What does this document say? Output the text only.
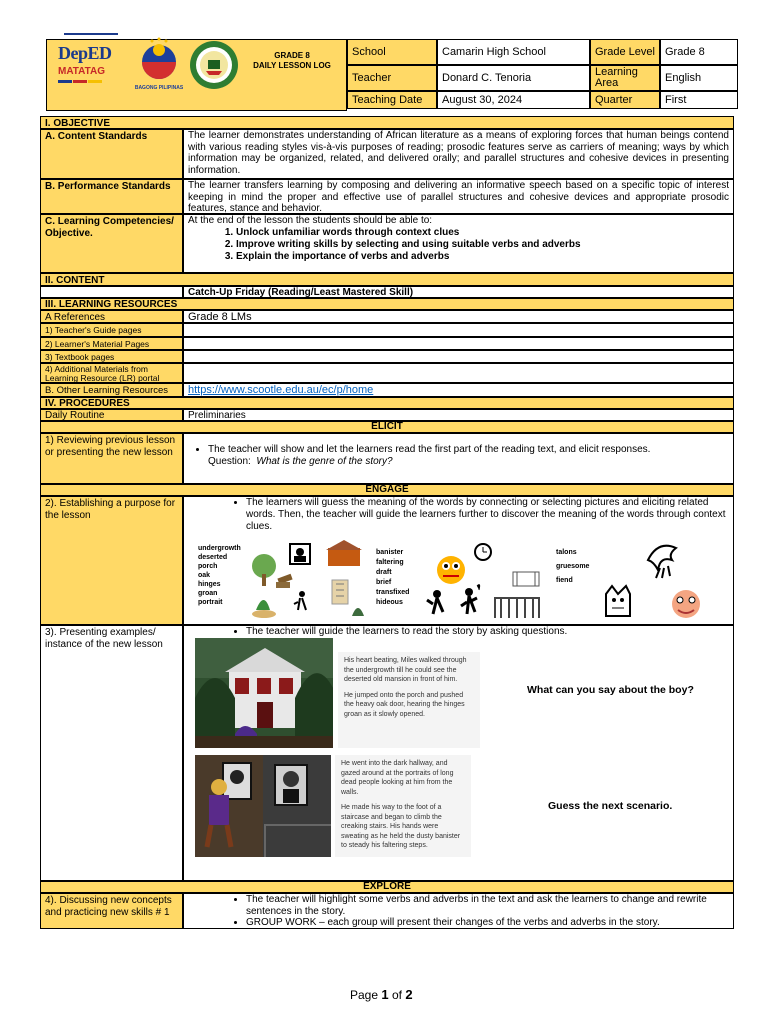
DepED
MATATAG
BAGONG PILIPINAS
GRADE 8
DAILY LESSON LOG
School	Camarin High School	Grade Level Grade 8
Teacher	Donard C. Tenoria	Learning Area	English
Teaching Date	August 30, 2024	Quarter	First
I. OBJECTIVE
A. Content Standards	The learner demonstrates understanding of African literature as a means of exploring forces that human beings contend with various reading styles vis-à-vis purposes of reading; prosodic features serve as carriers of meaning; ways by which information may be organized, related, and delivered orally; and parallel structures and cohesive devices in presenting information.
B. Performance Standards	The learner transfers learning by composing and delivering an informative speech based on a specific topic of interest keeping in mind the proper and effective use of parallel structures and cohesive devices and appropriate prosodic features, stance and behavior.
C. Learning Competencies/ Objective.
At the end of the lesson the students should be able to:
1. Unlock unfamiliar words through context clues
2. Improve writing skills by selecting and using suitable verbs and adverbs
3. Explain the importance of verbs and adverbs
II. CONTENT
Catch-Up Friday (Reading/Least Mastered Skill)
III. LEARNING RESOURCES
A References	Grade 8 LMs
1) Teacher's Guide pages
2) Learner's Material Pages
3) Textbook pages
4) Additional Materials from Learning Resource (LR) portal
B. Other Learning Resources	https://www.scootle.edu.au/ec/p/home
IV. PROCEDURES
Daily Routine	Preliminaries
ELICIT
1) Reviewing previous lesson or presenting the new lesson
•	The teacher will show and let the learners read the first part of the reading text, and elicit responses.
Question: What is the genre of the story?
ENGAGE
2). Establishing a purpose for the lesson
• The learners will guess the meaning of the words by connecting or selecting pictures and eliciting related words. Then, the teacher will guide the learners further to discover the meaning of the words through context clues.
undergrowth
deserted
porch
oak
hinges
groan
portrait
banister
faltering
draft
brief
transfixed
hideous
talons
gruesome
fiend
3). Presenting examples/ instance of the new lesson
• The teacher will guide the learners to read the story by asking questions.

His heart beating, Miles walked through the undergrowth till he could see the deserted old mansion in front of him.

He jumped onto the porch and pushed the heavy oak door, hearing the hinges groan as it slowly opened.

What can you say about the boy?

He went into the dark hallway, and gazed around at the portraits of long dead people looking at him from the walls.

He made his way to the foot of a staircase and began to climb the creaking stairs. His hands were sweating as he held the dusty banister to steady his faltering steps.

Guess the next scenario.
EXPLORE
4). Discussing new concepts and practicing new skills # 1
• The teacher will highlight some verbs and adverbs in the text and ask the learners to change and rewrite sentences in the story.
• GROUP WORK – each group will present their changes of the verbs and adverbs in the story.
Page 1 of 2
